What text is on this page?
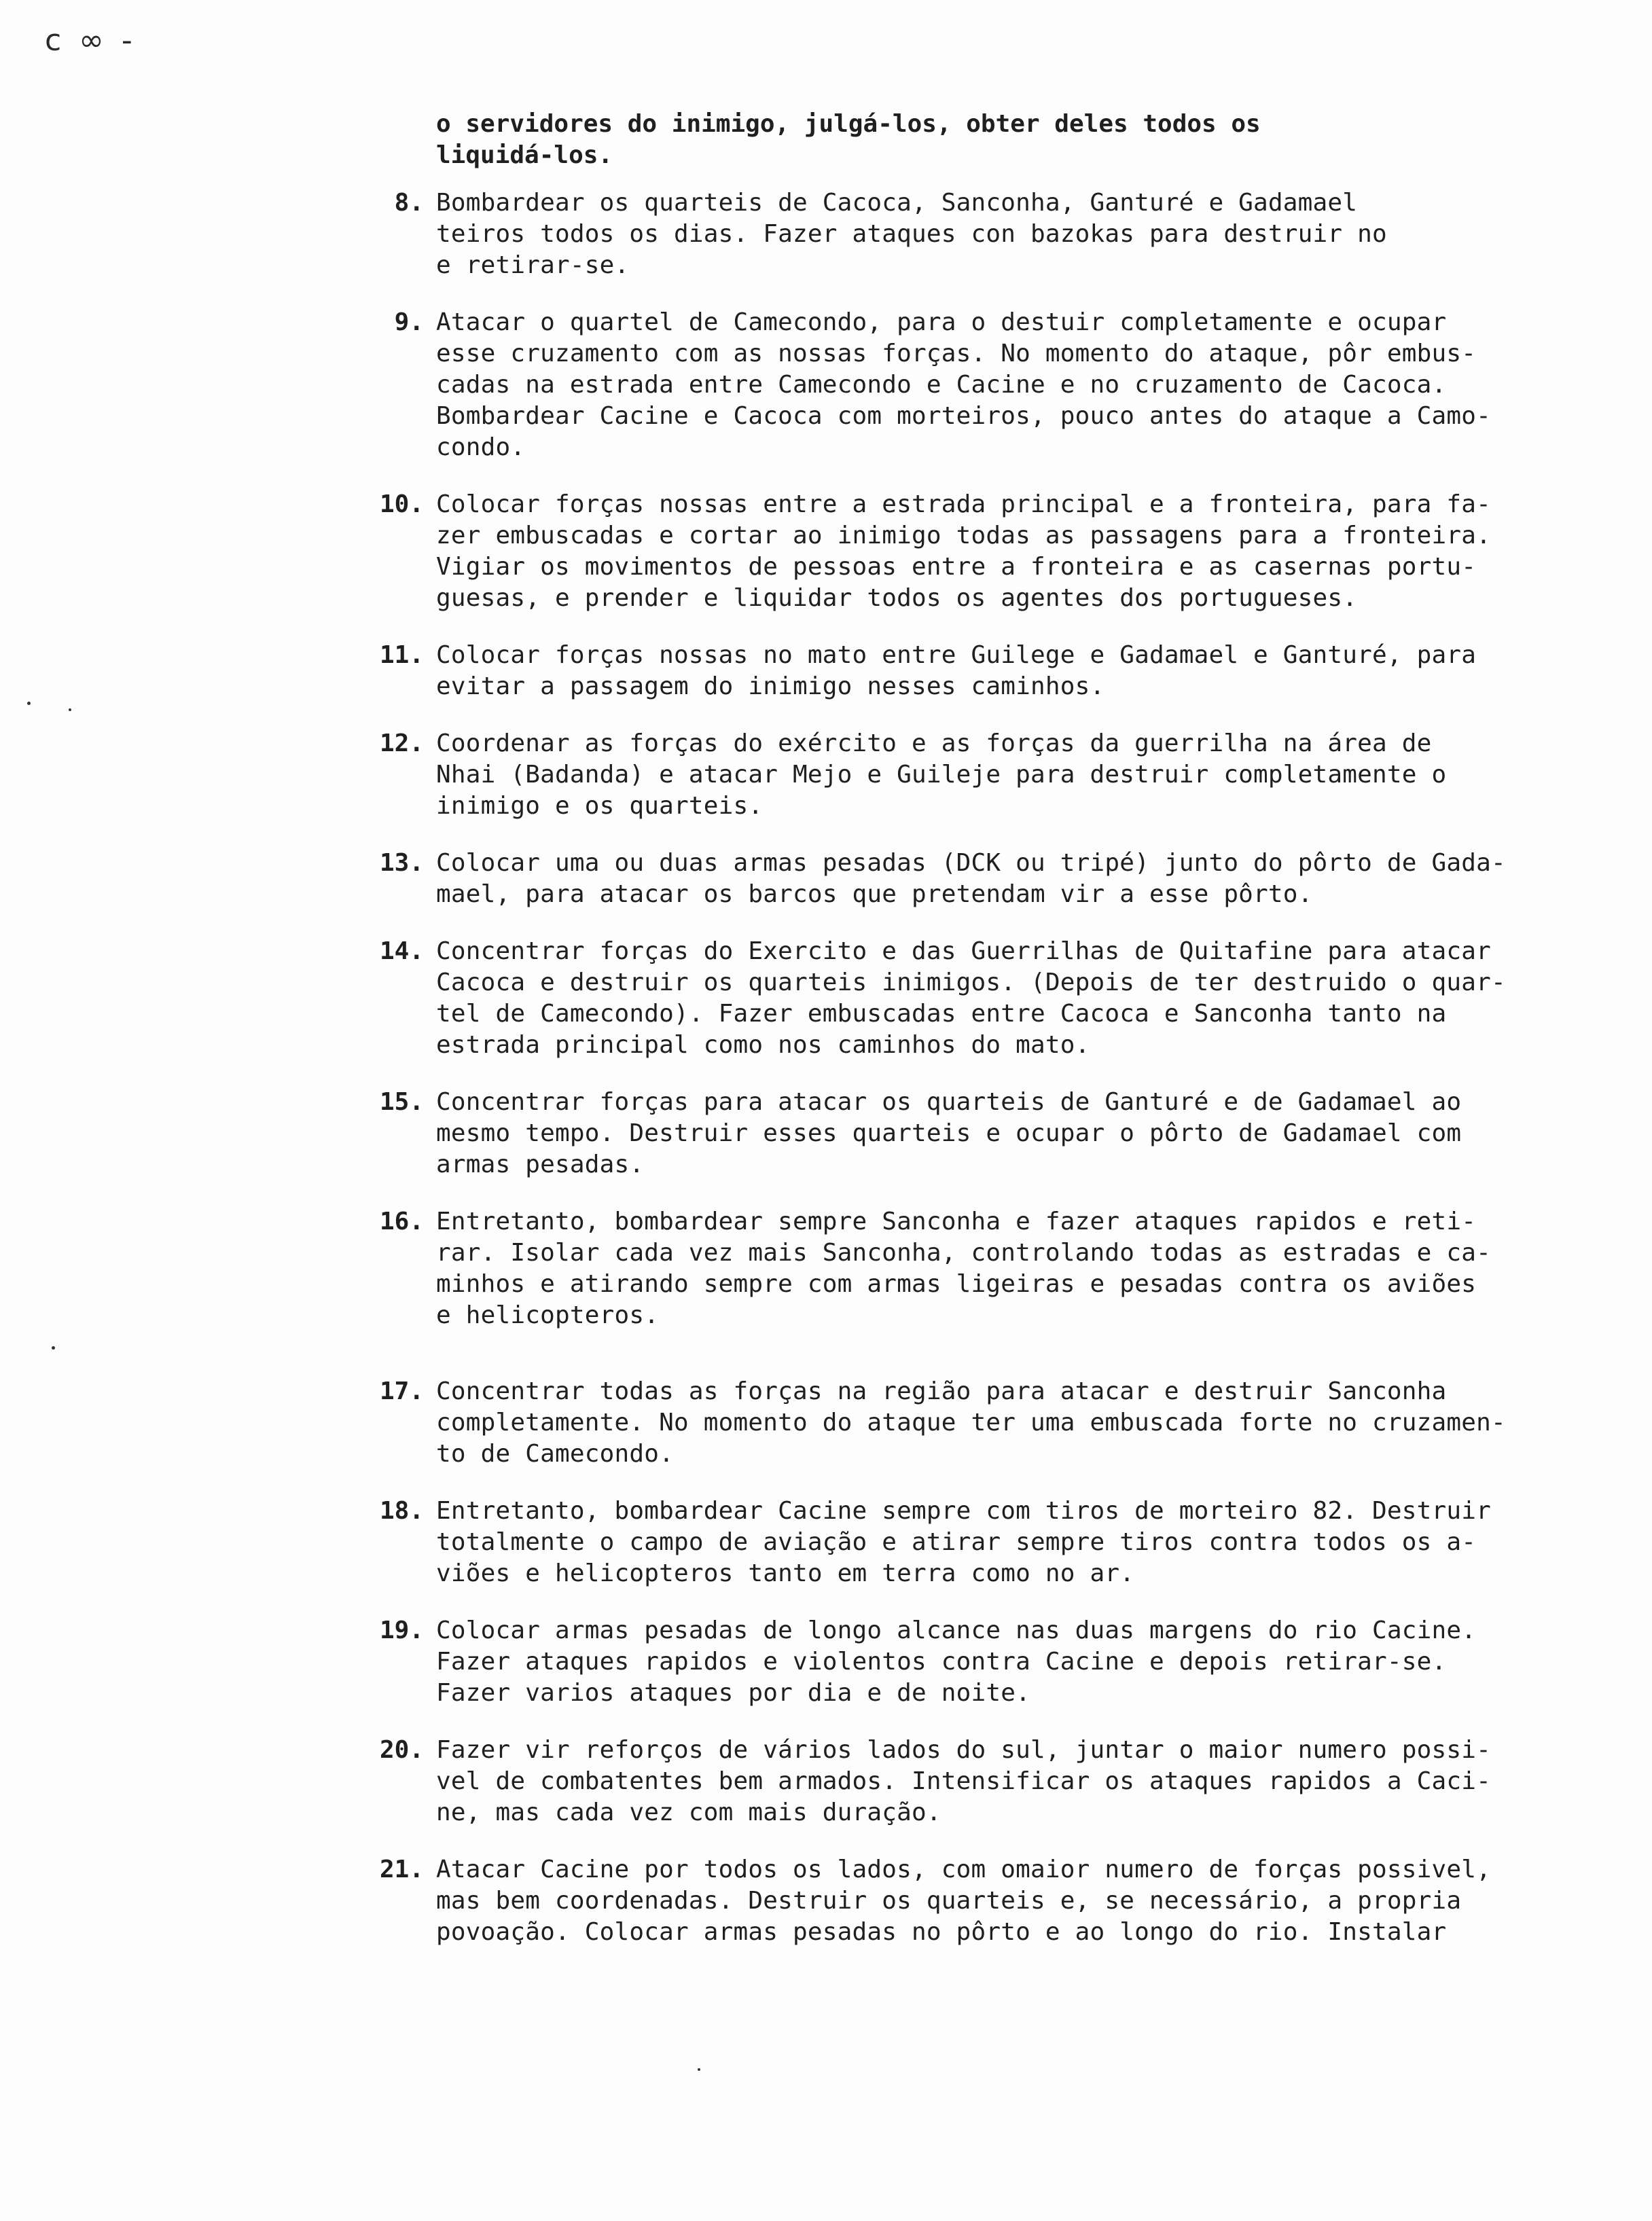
c ∞ -
o servidores do inimigo, julgá-los, obter deles todos os
liquidá-los.
8. Bombardear os quarteis de Cacoca, Sanconha, Ganturé e Gadamael
teiros todos os dias. Fazer ataques con bazokas para destruir no
e retirar-se.
9. Atacar o quartel de Camecondo, para o destuir completamente e ocupar
esse cruzamento com as nossas forças. No momento do ataque, pôr embus-
cadas na estrada entre Camecondo e Cacine e no cruzamento de Cacoca.
Bombardear Cacine e Cacoca com morteiros, pouco antes do ataque a Camo-
condo.
10. Colocar forças nossas entre a estrada principal e a fronteira, para fa-
zer embuscadas e cortar ao inimigo todas as passagens para a fronteira.
Vigiar os movimentos de pessoas entre a fronteira e as casernas portu-
guesas, e prender e liquidar todos os agentes dos portugueses.
11. Colocar forças nossas no mato entre Guilege e Gadamael e Ganturé, para
evitar a passagem do inimigo nesses caminhos.
12. Coordenar as forças do exército e as forças da guerrilha na área de
Nhai (Badanda) e atacar Mejo e Guileje para destruir completamente o
inimigo e os quarteis.
13. Colocar uma ou duas armas pesadas (DCK ou tripé) junto do pôrto de Gada-
mael, para atacar os barcos que pretendam vir a esse pôrto.
14. Concentrar forças do Exercito e das Guerrilhas de Quitafine para atacar
Cacoca e destruir os quarteis inimigos. (Depois de ter destruido o quar-
tel de Camecondo). Fazer embuscadas entre Cacoca e Sanconha tanto na
estrada principal como nos caminhos do mato.
15. Concentrar forças para atacar os quarteis de Ganturé e de Gadamael ao
mesmo tempo. Destruir esses quarteis e ocupar o pôrto de Gadamael com
armas pesadas.
16. Entretanto, bombardear sempre Sanconha e fazer ataques rapidos e reti-
rar. Isolar cada vez mais Sanconha, controlando todas as estradas e ca-
minhos e atirando sempre com armas ligeiras e pesadas contra os aviões
e helicopteros.
17. Concentrar todas as forças na região para atacar e destruir Sanconha
completamente. No momento do ataque ter uma embuscada forte no cruzamen-
to de Camecondo.
18. Entretanto, bombardear Cacine sempre com tiros de morteiro 82. Destruir
totalmente o campo de aviação e atirar sempre tiros contra todos os a-
viões e helicopteros tanto em terra como no ar.
19. Colocar armas pesadas de longo alcance nas duas margens do rio Cacine.
Fazer ataques rapidos e violentos contra Cacine e depois retirar-se.
Fazer varios ataques por dia e de noite.
20. Fazer vir reforços de vários lados do sul, juntar o maior numero possi-
vel de combatentes bem armados. Intensificar os ataques rapidos a Caci-
ne, mas cada vez com mais duração.
21. Atacar Cacine por todos os lados, com omaior numero de forças possivel,
mas bem coordenadas. Destruir os quarteis e, se necessário, a propria
povoação. Colocar armas pesadas no pôrto e ao longo do rio. Instalar
